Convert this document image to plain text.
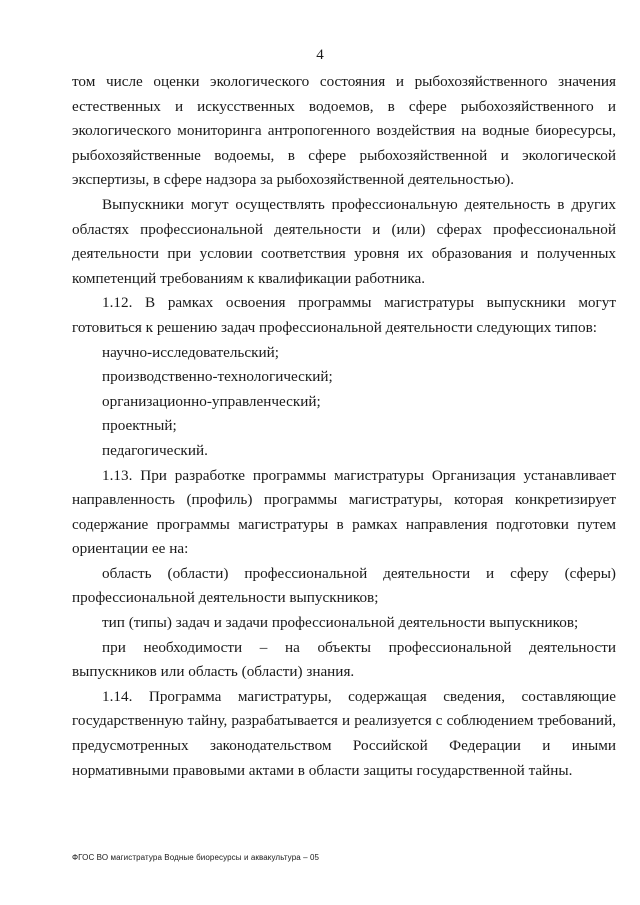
4

том числе оценки экологического состояния и рыбохозяйственного значения естественных и искусственных водоемов, в сфере рыбохозяйственного и экологического мониторинга антропогенного воздействия на водные биоресурсы, рыбохозяйственные водоемы, в сфере рыбохозяйственной и экологической экспертизы, в сфере надзора за рыбохозяйственной деятельностью).

Выпускники могут осуществлять профессиональную деятельность в других областях профессиональной деятельности и (или) сферах профессиональной деятельности при условии соответствия уровня их образования и полученных компетенций требованиям к квалификации работника.

1.12. В рамках освоения программы магистратуры выпускники могут готовиться к решению задач профессиональной деятельности следующих типов:

научно-исследовательский;

производственно-технологический;

организационно-управленческий;

проектный;

педагогический.

1.13. При разработке программы магистратуры Организация устанавливает направленность (профиль) программы магистратуры, которая конкретизирует содержание программы магистратуры в рамках направления подготовки путем ориентации ее на:

область (области) профессиональной деятельности и сферу (сферы) профессиональной деятельности выпускников;

тип (типы) задач и задачи профессиональной деятельности выпускников;

при необходимости – на объекты профессиональной деятельности выпускников или область (области) знания.

1.14. Программа магистратуры, содержащая сведения, составляющие государственную тайну, разрабатывается и реализуется с соблюдением требований, предусмотренных законодательством Российской Федерации и иными нормативными правовыми актами в области защиты государственной тайны.

ФГОС ВО магистратура Водные биоресурсы и аквакультура – 05
